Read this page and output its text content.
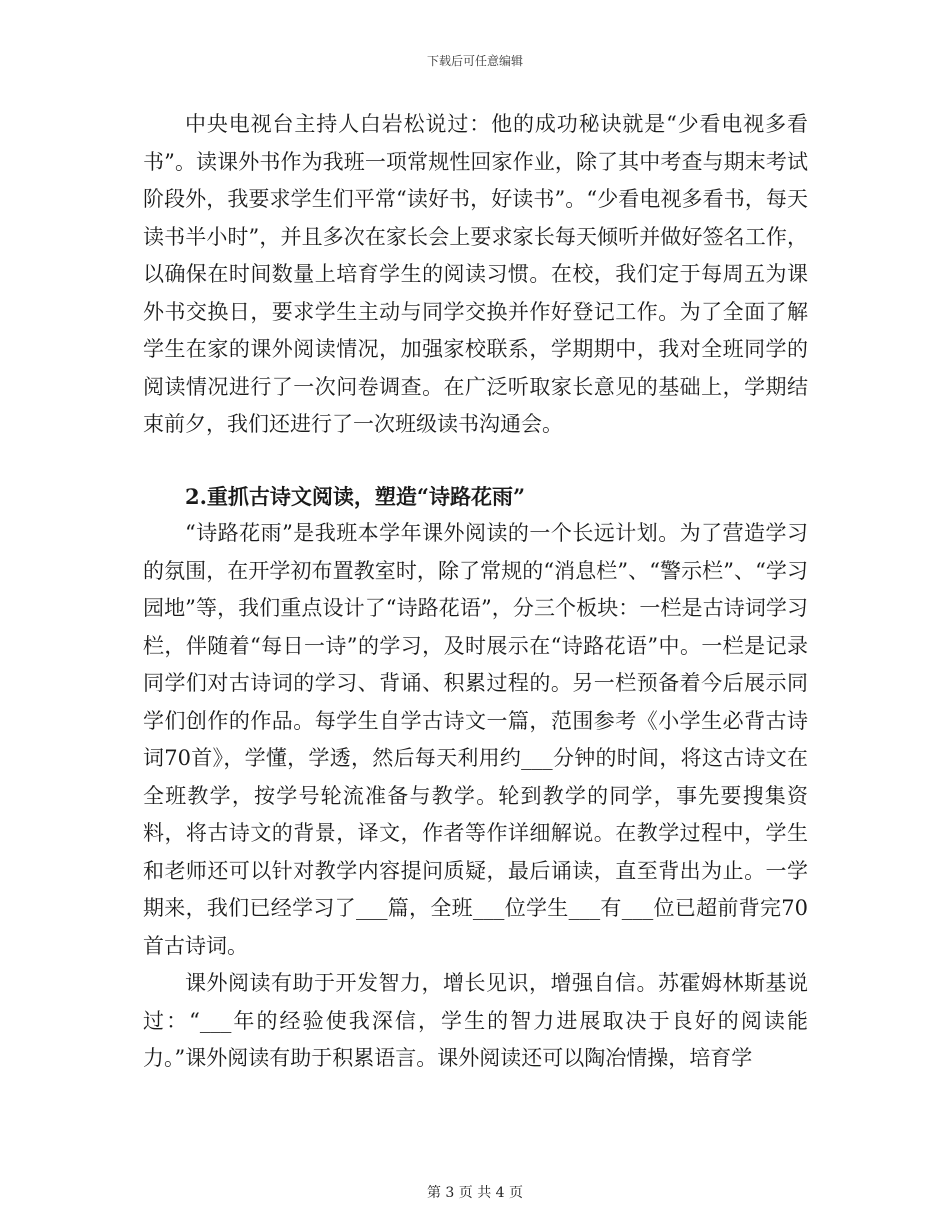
下载后可任意编辑

中央电视台主持人白岩松说过：他的成功秘诀就是“少看电视多看书”。读课外书作为我班一项常规性回家作业，除了其中考查与期末考试阶段外，我要求学生们平常“读好书，好读书”。“少看电视多看书，每天读书半小时”，并且多次在家长会上要求家长每天倾听并做好签名工作，以确保在时间数量上培育学生的阅读习惯。在校，我们定于每周五为课外书交换日，要求学生主动与同学交换并作好登记工作。为了全面了解学生在家的课外阅读情况，加强家校联系，学期期中，我对全班同学的阅读情况进行了一次问卷调查。在广泛听取家长意见的基础上，学期结束前夕，我们还进行了一次班级读书沟通会。

2.重抓古诗文阅读，塑造“诗路花雨”

“诗路花雨”是我班本学年课外阅读的一个长远计划。为了营造学习的氛围，在开学初布置教室时，除了常规的“消息栏”、“警示栏”、“学习园地”等，我们重点设计了“诗路花语”，分三个板块：一栏是古诗词学习栏，伴随着“每日一诗”的学习，及时展示在“诗路花语”中。一栏是记录同学们对古诗词的学习、背诵、积累过程的。另一栏预备着今后展示同学们创作的作品。每学生自学古诗文一篇，范围参考《小学生必背古诗词70首》，学懂，学透，然后每天利用约___分钟的时间，将这古诗文在全班教学，按学号轮流准备与教学。轮到教学的同学，事先要搜集资料，将古诗文的背景，译文，作者等作详细解说。在教学过程中，学生和老师还可以针对教学内容提问质疑，最后诵读，直至背出为止。一学期来，我们已经学习了___篇，全班___位学生___有___位已超前背完70首古诗词。

课外阅读有助于开发智力，增长见识，增强自信。苏霍姆林斯基说过：“___年的经验使我深信，学生的智力进展取决于良好的阅读能力。”课外阅读有助于积累语言。课外阅读还可以陶冶情操，培育学

第 3 页 共 4 页
